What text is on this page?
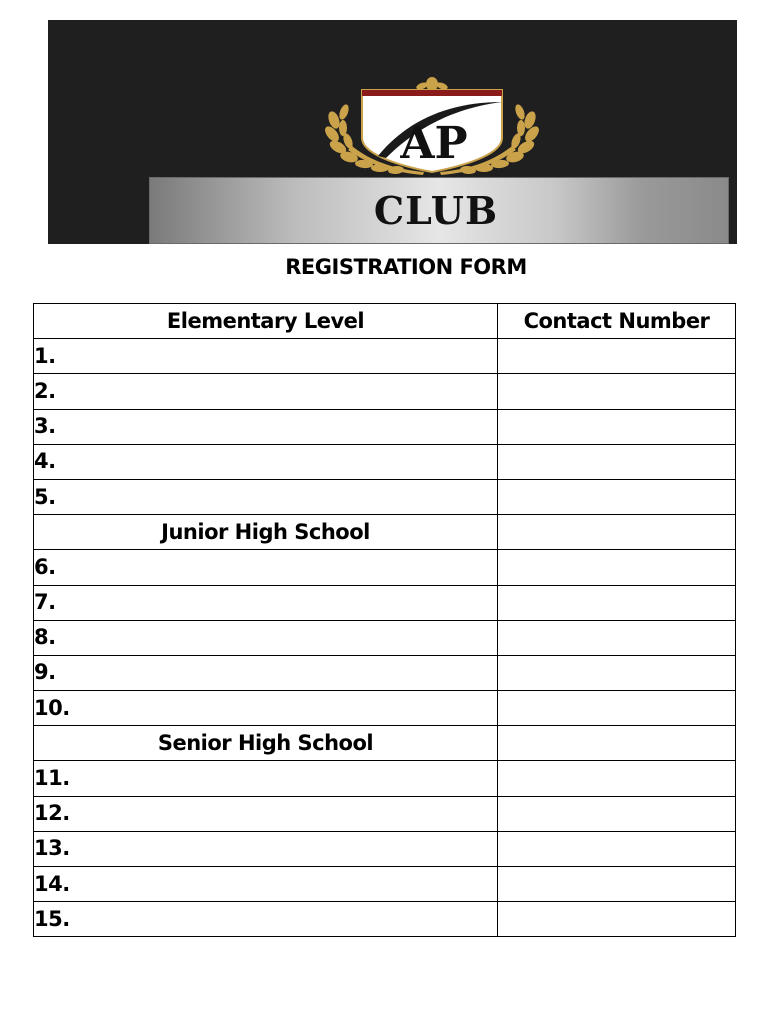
AP
CLUB
REGISTRATION FORM
Elementary Level	Contact Number
1.	
2.	
3.	
4.	
5.	
Junior High School	
6.	
7.	
8.	
9.	
10.	
Senior High School	
11.	
12.	
13.	
14.	
15.	
